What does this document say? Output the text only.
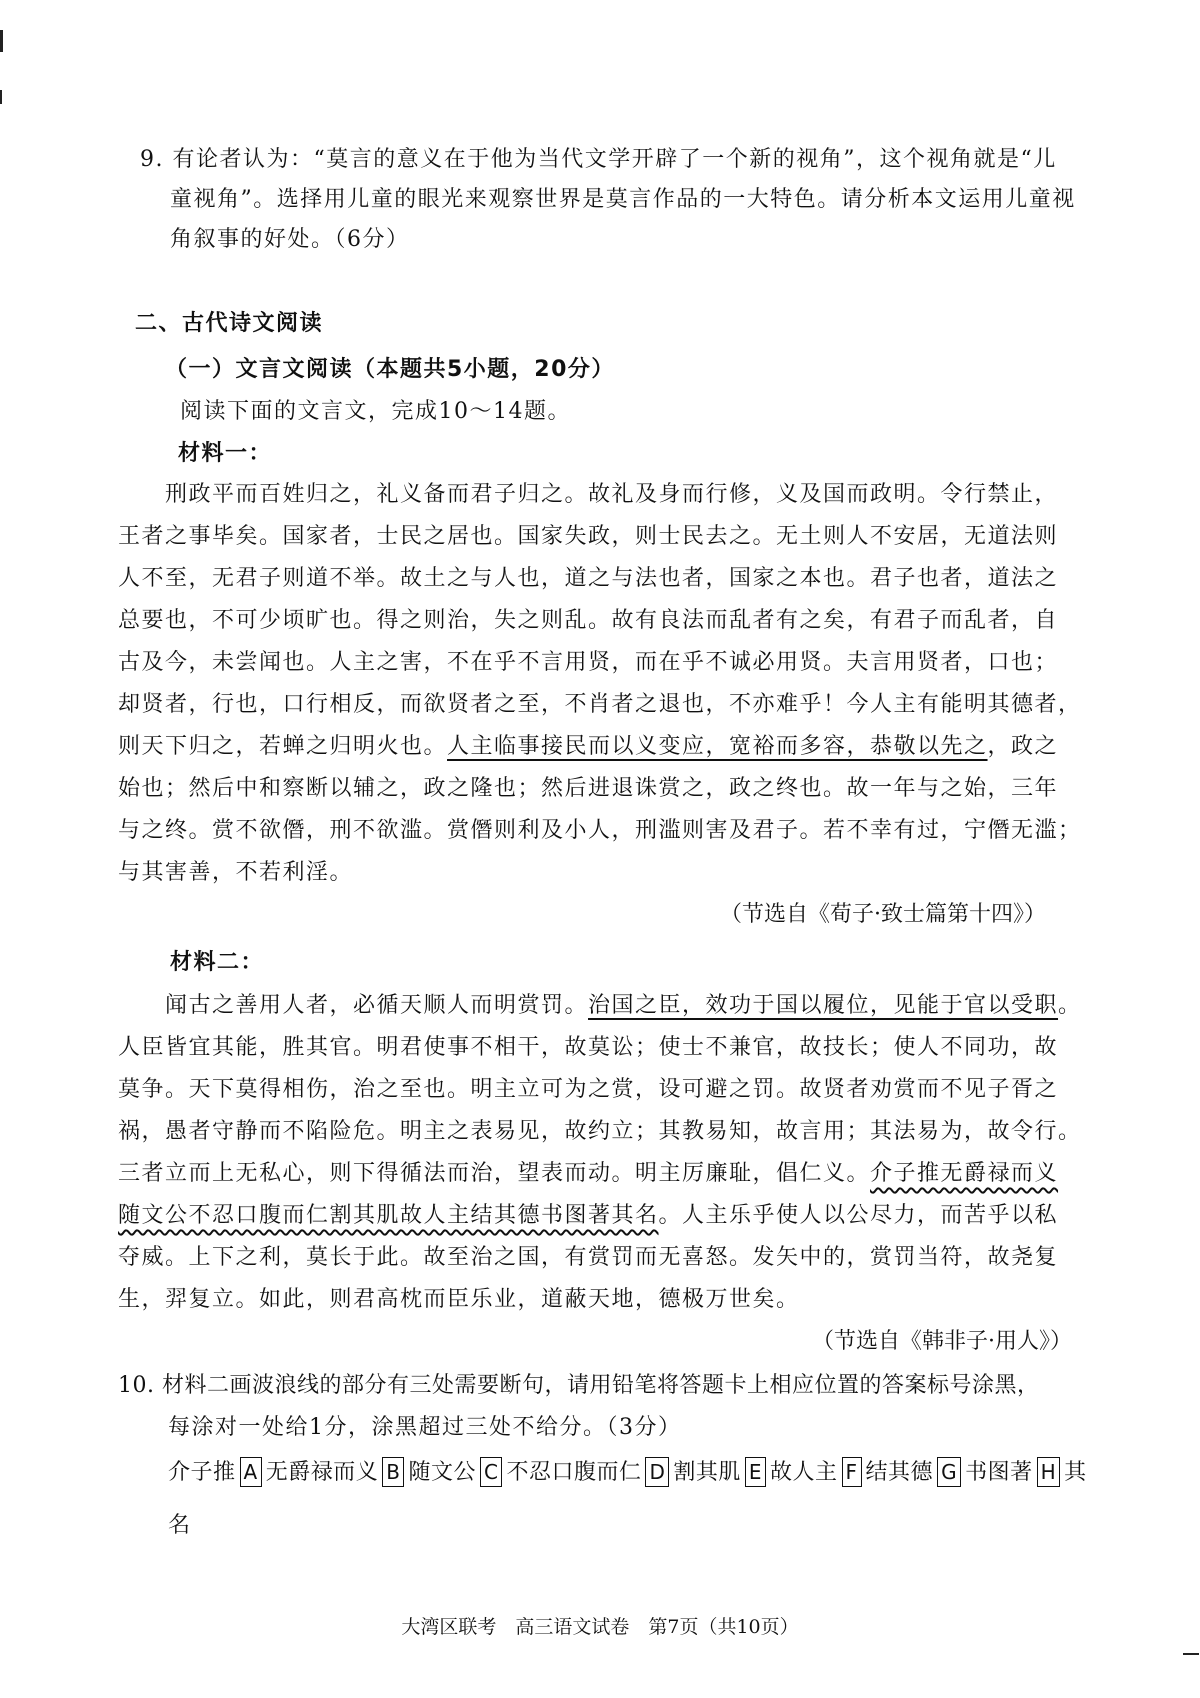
9. 有论者认为：“莫言的意义在于他为当代文学开辟了一个新的视角”，这个视角就是“儿
童视角”。选择用儿童的眼光来观察世界是莫言作品的一大特色。请分析本文运用儿童视
角叙事的好处。（6分）
二、古代诗文阅读
（一）文言文阅读（本题共5小题，20分）
阅读下面的文言文，完成10～14题。
材料一：
刑政平而百姓归之，礼义备而君子归之。故礼及身而行修，义及国而政明。令行禁止，
王者之事毕矣。国家者，士民之居也。国家失政，则士民去之。无土则人不安居，无道法则
人不至，无君子则道不举。故土之与人也，道之与法也者，国家之本也。君子也者，道法之
总要也，不可少顷旷也。得之则治，失之则乱。故有良法而乱者有之矣，有君子而乱者，自
古及今，未尝闻也。人主之害，不在乎不言用贤，而在乎不诚必用贤。夫言用贤者，口也；
却贤者，行也，口行相反，而欲贤者之至，不肖者之退也，不亦难乎！今人主有能明其德者，
则天下归之，若蝉之归明火也。人主临事接民而以义变应，宽裕而多容，恭敬以先之，政之
始也；然后中和察断以辅之，政之隆也；然后进退诛赏之，政之终也。故一年与之始，三年
与之终。赏不欲僭，刑不欲滥。赏僭则利及小人，刑滥则害及君子。若不幸有过，宁僭无滥；
与其害善，不若利淫。
（节选自《荀子·致士篇第十四》）
材料二：
闻古之善用人者，必循天顺人而明赏罚。治国之臣，效功于国以履位，见能于官以受职。
人臣皆宜其能，胜其官。明君使事不相干，故莫讼；使士不兼官，故技长；使人不同功，故
莫争。天下莫得相伤，治之至也。明主立可为之赏，设可避之罚。故贤者劝赏而不见子胥之
祸，愚者守静而不陷险危。明主之表易见，故约立；其教易知，故言用；其法易为，故令行。
三者立而上无私心，则下得循法而治，望表而动。明主厉廉耻，倡仁义。介子推无爵禄而义
随文公不忍口腹而仁割其肌故人主结其德书图著其名。人主乐乎使人以公尽力，而苦乎以私
夺威。上下之利，莫长于此。故至治之国，有赏罚而无喜怒。发矢中的，赏罚当符，故尧复
生，羿复立。如此，则君高枕而臣乐业，道蔽天地，德极万世矣。
（节选自《韩非子·用人》）
10. 材料二画波浪线的部分有三处需要断句，请用铅笔将答题卡上相应位置的答案标号涂黑，
每涂对一处给1分，涂黑超过三处不给分。（3分）
介子推 A 无爵禄而义 B 随文公 C 不忍口腹而仁 D 割其肌 E 故人主 F 结其德 G 书图著 H 其
名
大湾区联考　高三语文试卷　第7页（共10页）
